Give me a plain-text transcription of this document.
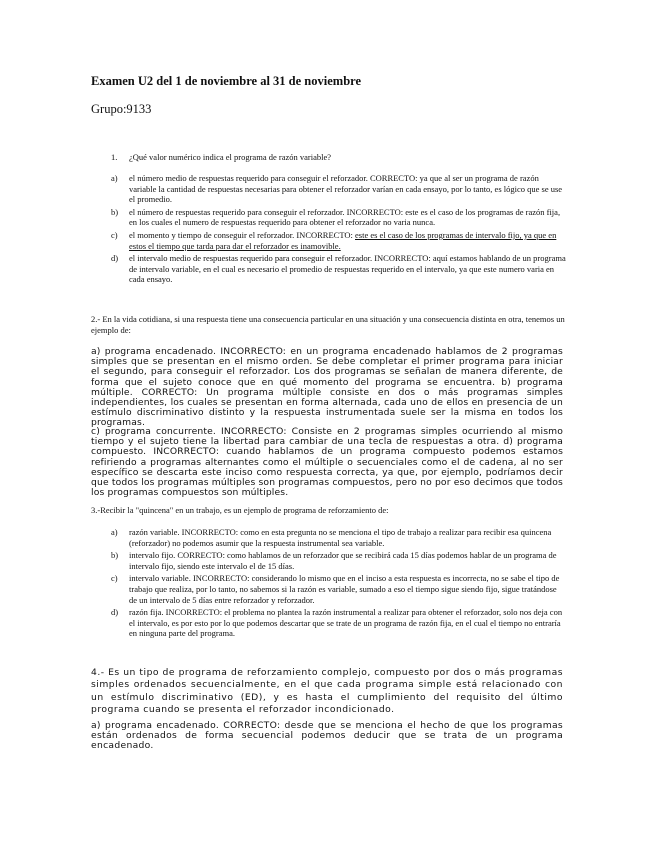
Examen U2 del 1 de noviembre al 31 de noviembre
Grupo:9133
1. ¿Qué valor numérico indica el programa de razón variable?
a) el número medio de respuestas requerido para conseguir el reforzador. CORRECTO: ya que al ser un programa de razón variable la cantidad de respuestas necesarias para obtener el reforzador varían en cada ensayo, por lo tanto, es lógico que se use el promedio.
b) el número de respuestas requerido para conseguir el reforzador. INCORRECTO: este es el caso de los programas de razón fija, en los cuales el numero de respuestas requerido para obtener el reforzador no varia nunca.
c) el momento y tiempo de conseguir el reforzador. INCORRECTO: este es el caso de los programas de intervalo fijo, ya que en estos el tiempo que tarda para dar el reforzador es inamovible.
d) el intervalo medio de respuestas requerido para conseguir el reforzador. INCORRECTO: aquí estamos hablando de un programa de intervalo variable, en el cual es necesario el promedio de respuestas requerido en el intervalo, ya que este numero varia en cada ensayo.

2.- En la vida cotidiana, si una respuesta tiene una consecuencia particular en una situación y una consecuencia distinta en otra, tenemos un ejemplo de:

a) programa encadenado. INCORRECTO: en un programa encadenado hablamos de 2 programas simples que se presentan en el mismo orden. Se debe completar el primer programa para iniciar el segundo, para conseguir el reforzador. Los dos programas se señalan de manera diferente, de forma que el sujeto conoce que en qué momento del programa se encuentra. b) programa múltiple. CORRECTO: Un programa múltiple consiste en dos o más programas simples independientes, los cuales se presentan en forma alternada, cada uno de ellos en presencia de un estímulo discriminativo distinto y la respuesta instrumentada suele ser la misma en todos los programas.

c) programa concurrente. INCORRECTO: Consiste en 2 programas simples ocurriendo al mismo tiempo y el sujeto tiene la libertad para cambiar de una tecla de respuestas a otra. d) programa compuesto. INCORRECTO: cuando hablamos de un programa compuesto podemos estamos refiriendo a programas alternantes como el múltiple o secuenciales como el de cadena, al no ser específico se descarta este inciso como respuesta correcta, ya que, por ejemplo, podríamos decir que todos los programas múltiples son programas compuestos, pero no por eso decimos que todos los programas compuestos son múltiples.

3.-Recibir la "quincena" en un trabajo, es un ejemplo de programa de reforzamiento de:

a) razón variable. INCORRECTO: como en esta pregunta no se menciona el tipo de trabajo a realizar para recibir esa quincena (reforzador) no podemos asumir que la respuesta instrumental sea variable.
b) intervalo fijo. CORRECTO: como hablamos de un reforzador que se recibirá cada 15 días podemos hablar de un programa de intervalo fijo, siendo este intervalo el de 15 días.
c) intervalo variable. INCORRECTO: considerando lo mismo que en el inciso a esta respuesta es incorrecta, no se sabe el tipo de trabajo que realiza, por lo tanto, no sabemos si la razón es variable, sumado a eso el tiempo sigue siendo fijo, sigue tratándose de un intervalo de 5 días entre reforzador y reforzador.
d) razón fija. INCORRECTO: el problema no plantea la razón instrumental a realizar para obtener el reforzador, solo nos deja con el intervalo, es por esto por lo que podemos descartar que se trate de un programa de razón fija, en el cual el tiempo no entraría en ninguna parte del programa.

4.- Es un tipo de programa de reforzamiento complejo, compuesto por dos o más programas simples ordenados secuencialmente, en el que cada programa simple está relacionado con un estímulo discriminativo (ED), y es hasta el cumplimiento del requisito del último programa cuando se presenta el reforzador incondicionado.

a) programa encadenado. CORRECTO: desde que se menciona el hecho de que los programas están ordenados de forma secuencial podemos deducir que se trata de un programa encadenado.
